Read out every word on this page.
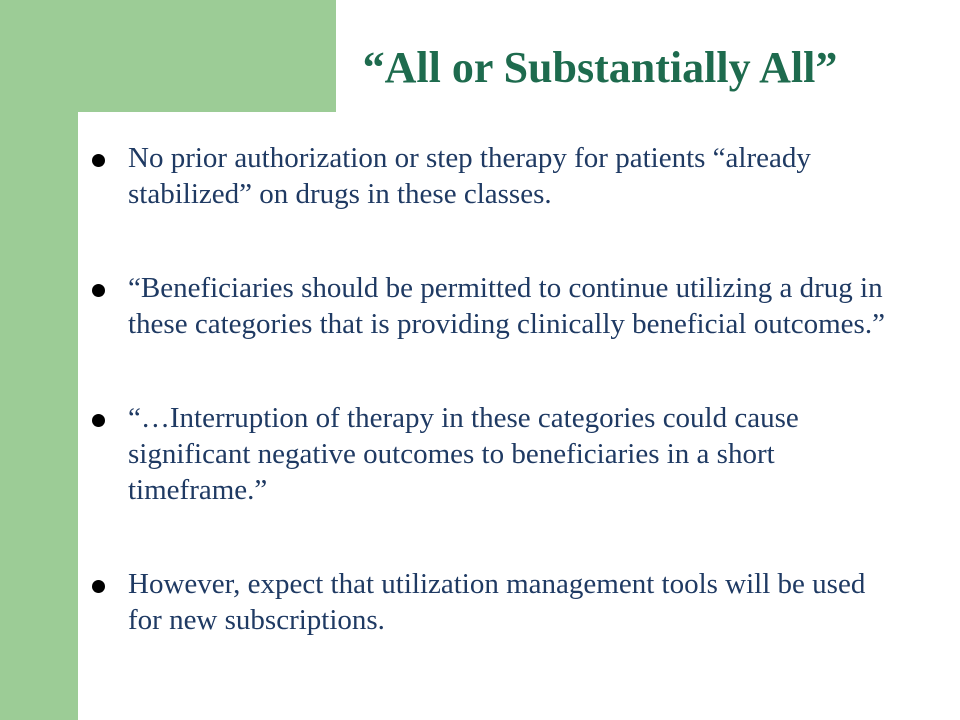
“All or Substantially All”
No prior authorization or step therapy for patients “already stabilized” on drugs in these classes.
“Beneficiaries should be permitted to continue utilizing a drug in these categories that is providing clinically beneficial outcomes.”
“…Interruption of therapy in these categories could cause significant negative outcomes to beneficiaries in a short timeframe.”
However, expect that utilization management tools will be used for new subscriptions.
